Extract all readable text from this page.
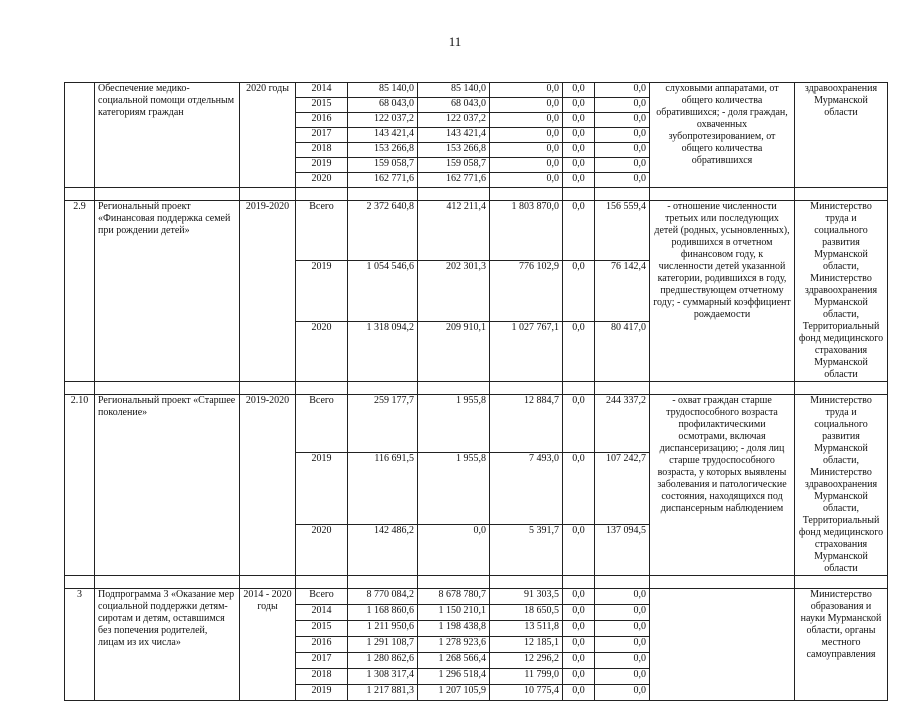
11
	Обеспечение медико-социальной помощи отдельным категориям граждан	2020 годы	2014	85 140,0	85 140,0	0,0	0,0	0,0	слуховыми аппаратами, от общего количества обратившихся; - доля граждан, охваченных зубопротезированием, от общего количества обратившихся	здравоохранения Мурманской области
			2015	68 043,0	68 043,0	0,0	0,0	0,0		
			2016	122 037,2	122 037,2	0,0	0,0	0,0		
			2017	143 421,4	143 421,4	0,0	0,0	0,0		
			2018	153 266,8	153 266,8	0,0	0,0	0,0		
			2019	159 058,7	159 058,7	0,0	0,0	0,0		
			2020	162 771,6	162 771,6	0,0	0,0	0,0		

2.9	Региональный проект «Финансовая поддержка семей при рождении детей»	2019-2020	Всего	2 372 640,8	412 211,4	1 803 870,0	0,0	156 559,4	- отношение численности третьих или последующих детей (родных, усыновленных), родившихся в отчетном финансовом году, к численности детей указанной категории, родившихся в году, предшествующем отчетному году; - суммарный коэффициент рождаемости	Министерство труда и социального развития Мурманской области, Министерство здравоохранения Мурманской области, Территориальный фонд медицинского страхования Мурманской области
			2019	1 054 546,6	202 301,3	776 102,9	0,0	76 142,4		
			2020	1 318 094,2	209 910,1	1 027 767,1	0,0	80 417,0		

2.10	Региональный проект «Старшее поколение»	2019-2020	Всего	259 177,7	1 955,8	12 884,7	0,0	244 337,2	- охват граждан старше трудоспособного возраста профилактическими осмотрами, включая диспансеризацию; - доля лиц старше трудоспособного возраста, у которых выявлены заболевания и патологические состояния, находящихся под диспансерным наблюдением	Министерство труда и социального развития Мурманской области, Министерство здравоохранения Мурманской области, Территориальный фонд медицинского страхования Мурманской области
			2019	116 691,5	1 955,8	7 493,0	0,0	107 242,7		
			2020	142 486,2	0,0	5 391,7	0,0	137 094,5		

3	Подпрограмма 3 «Оказание мер социальной поддержки детям-сиротам и детям, оставшимся без попечения родителей, лицам из их числа»	2014 - 2020 годы	Всего	8 770 084,2	8 678 780,7	91 303,5	0,0	0,0		Министерство образования и науки Мурманской области, органы местного самоуправления
			2014	1 168 860,6	1 150 210,1	18 650,5	0,0	0,0		
			2015	1 211 950,6	1 198 438,8	13 511,8	0,0	0,0		
			2016	1 291 108,7	1 278 923,6	12 185,1	0,0	0,0		
			2017	1 280 862,6	1 268 566,4	12 296,2	0,0	0,0		
			2018	1 308 317,4	1 296 518,4	11 799,0	0,0	0,0		
			2019	1 217 881,3	1 207 105,9	10 775,4	0,0	0,0		
